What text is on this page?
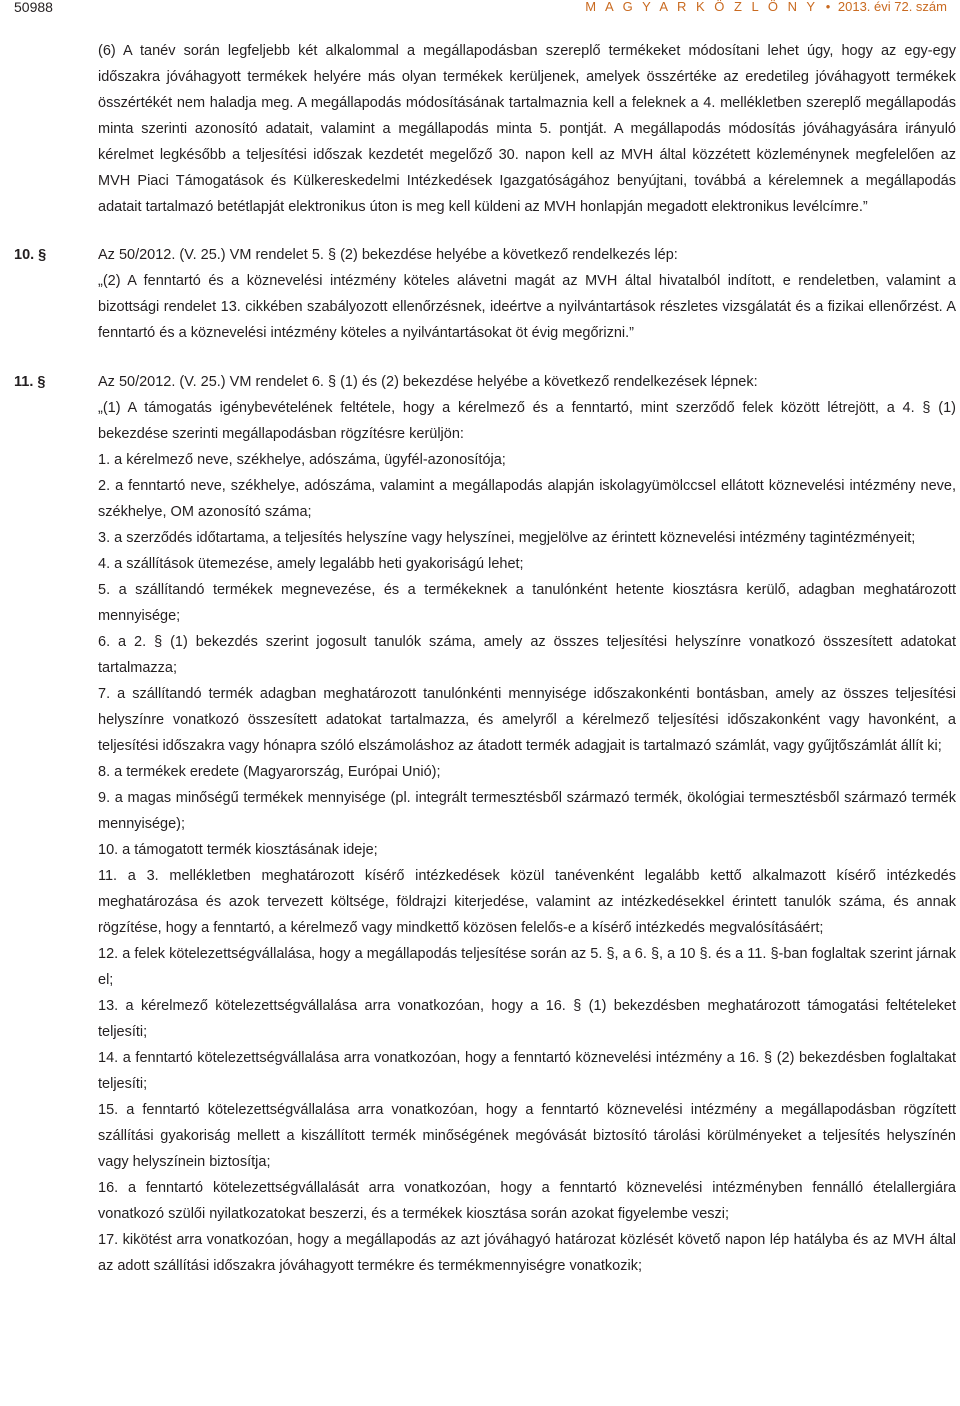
50988	M A G Y A R K Ö Z L Ö N Y • 2013. évi 72. szám

(6) A tanév során legfeljebb két alkalommal a megállapodásban szereplő termékeket módosítani lehet úgy, hogy az egy-egy időszakra jóváhagyott termékek helyére más olyan termékek kerüljenek, amelyek összértéke az eredetileg jóváhagyott termékek összértékét nem haladja meg. A megállapodás módosításának tartalmaznia kell a feleknek a 4. mellékletben szereplő megállapodás minta szerinti azonosító adatait, valamint a megállapodás minta 5. pontját. A megállapodás módosítás jóváhagyására irányuló kérelmet legkésőbb a teljesítési időszak kezdetét megelőző 30. napon kell az MVH által közzétett közleménynek megfelelően az MVH Piaci Támogatások és Külkereskedelmi Intézkedések Igazgatóságához benyújtani, továbbá a kérelemnek a megállapodás adatait tartalmazó betétlapját elektronikus úton is meg kell küldeni az MVH honlapján megadott elektronikus levélcímre.”

10. §	Az 50/2012. (V. 25.) VM rendelet 5. § (2) bekezdése helyébe a következő rendelkezés lép:

„(2) A fenntartó és a köznevelési intézmény köteles alávetni magát az MVH által hivatalból indított, e rendeletben, valamint a bizottsági rendelet 13. cikkében szabályozott ellenőrzésnek, ideértve a nyilvántartások részletes vizsgálatát és a fizikai ellenőrzést. A fenntartó és a köznevelési intézmény köteles a nyilvántartásokat öt évig megőrizni.”

11. §	Az 50/2012. (V. 25.) VM rendelet 6. § (1) és (2) bekezdése helyébe a következő rendelkezések lépnek:

„(1) A támogatás igénybevételének feltétele, hogy a kérelmező és a fenntartó, mint szerződő felek között létrejött, a 4. § (1) bekezdése szerinti megállapodásban rögzítésre kerüljön:

1. a kérelmező neve, székhelye, adószáma, ügyfél-azonosítója;

2. a fenntartó neve, székhelye, adószáma, valamint a megállapodás alapján iskolagyümölccsel ellátott köznevelési intézmény neve, székhelye, OM azonosító száma;

3. a szerződés időtartama, a teljesítés helyszíne vagy helyszínei, megjelölve az érintett köznevelési intézmény tagintézményeit;

4. a szállítások ütemezése, amely legalább heti gyakoriságú lehet;

5. a szállítandó termékek megnevezése, és a termékeknek a tanulónként hetente kiosztásra kerülő, adagban meghatározott mennyisége;

6. a 2. § (1) bekezdés szerint jogosult tanulók száma, amely az összes teljesítési helyszínre vonatkozó összesített adatokat tartalmazza;

7. a szállítandó termék adagban meghatározott tanulónkénti mennyisége időszakonkénti bontásban, amely az összes teljesítési helyszínre vonatkozó összesített adatokat tartalmazza, és amelyről a kérelmező teljesítési időszakonként vagy havonként, a teljesítési időszakra vagy hónapra szóló elszámoláshoz az átadott termék adagjait is tartalmazó számlát, vagy gyűjtőszámlát állít ki;

8. a termékek eredete (Magyarország, Európai Unió);

9. a magas minőségű termékek mennyisége (pl. integrált termesztésből származó termék, ökológiai termesztésből származó termék mennyisége);

10. a támogatott termék kiosztásának ideje;

11. a 3. mellékletben meghatározott kísérő intézkedések közül tanévenként legalább kettő alkalmazott kísérő intézkedés meghatározása és azok tervezett költsége, földrajzi kiterjedése, valamint az intézkedésekkel érintett tanulók száma, és annak rögzítése, hogy a fenntartó, a kérelmező vagy mindkettő közösen felelős-e a kísérő intézkedés megvalósításáért;

12. a felek kötelezettségvállalása, hogy a megállapodás teljesítése során az 5. §, a 6. §, a 10 §. és a 11. §-ban foglaltak szerint járnak el;

13. a kérelmező kötelezettségvállalása arra vonatkozóan, hogy a 16. § (1) bekezdésben meghatározott támogatási feltételeket teljesíti;

14. a fenntartó kötelezettségvállalása arra vonatkozóan, hogy a fenntartó köznevelési intézmény a 16. § (2) bekezdésben foglaltakat teljesíti;

15. a fenntartó kötelezettségvállalása arra vonatkozóan, hogy a fenntartó köznevelési intézmény a megállapodásban rögzített szállítási gyakoriság mellett a kiszállított termék minőségének megóvását biztosító tárolási körülményeket a teljesítés helyszínén vagy helyszínein biztosítja;

16. a fenntartó kötelezettségvállalását arra vonatkozóan, hogy a fenntartó köznevelési intézményben fennálló ételallergiára vonatkozó szülői nyilatkozatokat beszerzi, és a termékek kiosztása során azokat figyelembe veszi;

17. kikötést arra vonatkozóan, hogy a megállapodás az azt jóváhagyó határozat közlését követő napon lép hatályba és az MVH által az adott szállítási időszakra jóváhagyott termékre és termékmennyiségre vonatkozik;
